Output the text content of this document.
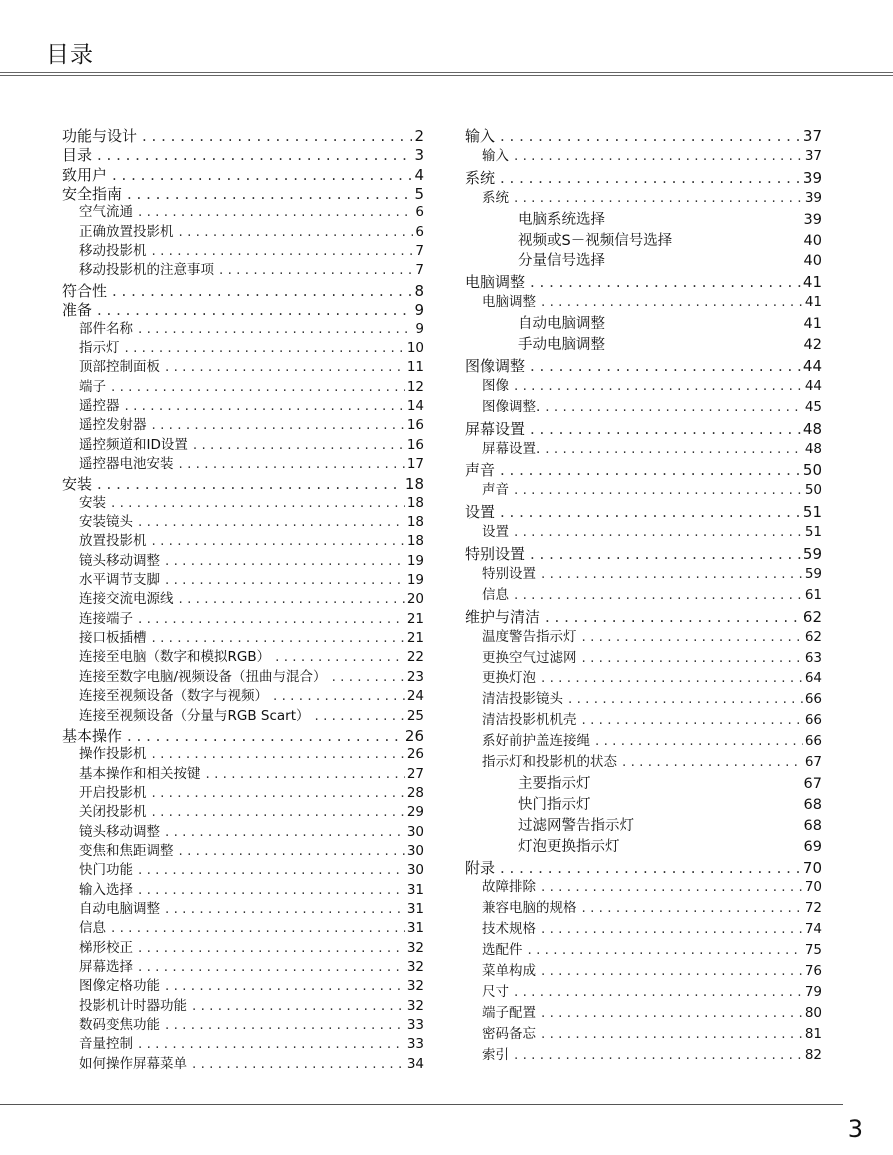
目录
功能与设计 . . .	2
目录 . . .	3
致用户 . . .	4
安全指南 . . .	5
空气流通 . . .	6
正确放置投影机 . . .	6
移动投影机 . . .	7
移动投影机的注意事项 . . .	7
符合性 . . .	8
准备 . . .	9
部件名称 . . .	9
指示灯 . . .	10
顶部控制面板 . . .	11
端子 . . .	12
遥控器 . . .	14
遥控发射器 . . .	16
遥控频道和ID设置 . . .	16
遥控器电池安装 . . .	17
安装 . . .	18
安装 . . .	18
安装镜头 . . .	18
放置投影机 . . .	18
镜头移动调整 . . .	19
水平调节支脚 . . .	19
连接交流电源线 . . .	20
连接端子 . . .	21
接口板插槽 . . .	21
连接至电脑（数字和模拟RGB） . . .	22
连接至数字电脑/视频设备（扭曲与混合） . . .	23
连接至视频设备（数字与视频） . . .	24
连接至视频设备（分量与RGB Scart） . . .	25
基本操作 . . .	26
操作投影机 . . .	26
基本操作和相关按键 . . .	27
开启投影机 . . .	28
关闭投影机 . . .	29
镜头移动调整 . . .	30
变焦和焦距调整 . . .	30
快门功能 . . .	30
输入选择 . . .	31
自动电脑调整 . . .	31
信息 . . .	31
梯形校正 . . .	32
屏幕选择 . . .	32
图像定格功能 . . .	32
投影机计时器功能 . . .	32
数码变焦功能 . . .	33
音量控制 . . .	33
如何操作屏幕菜单 . . .	34
输入 . . .	37
输入 . . .	37
系统 . . .	39
系统 . . .	39
电脑系统选择	39
视频或S－视频信号选择	40
分量信号选择	40
电脑调整 . . .	41
电脑调整 . . .	41
自动电脑调整	41
手动电脑调整	42
图像调整 . . .	44
图像 . . .	44
图像调整. . . .	45
屏幕设置 . . .	48
屏幕设置. . . .	48
声音 . . .	50
声音 . . .	50
设置 . . .	51
设置 . . .	51
特别设置 . . .	59
特别设置 . . .	59
信息 . . .	61
维护与清洁 . . .	62
温度警告指示灯 . . .	62
更换空气过滤网 . . .	63
更换灯泡 . . .	64
清洁投影镜头 . . .	66
清洁投影机机壳 . . .	66
系好前护盖连接绳 . . .	66
指示灯和投影机的状态 . . .	67
主要指示灯	67
快门指示灯	68
过滤网警告指示灯	68
灯泡更换指示灯	69
附录 . . .	70
故障排除 . . .	70
兼容电脑的规格 . . .	72
技术规格 . . .	74
选配件 . . .	75
菜单构成 . . .	76
尺寸 . . .	79
端子配置 . . .	80
密码备忘 . . .	81
索引 . . .	82
3
